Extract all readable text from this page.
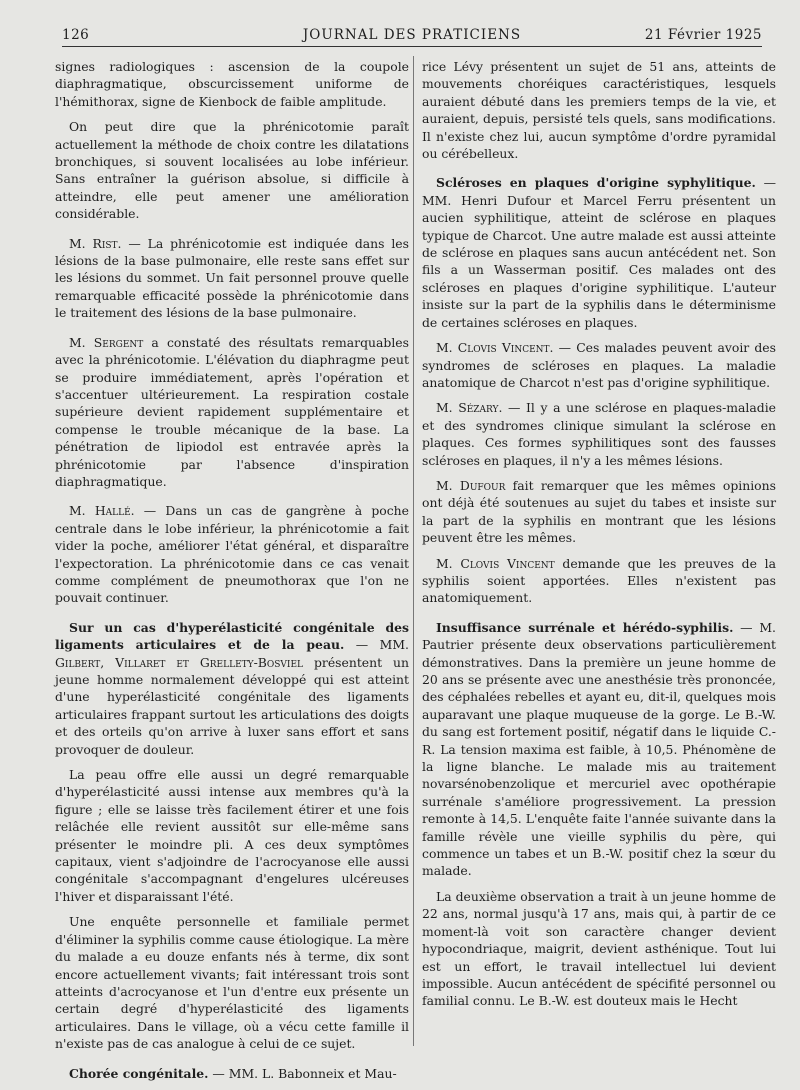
126	JOURNAL DES PRATICIENS	21 Février 1925

signes radiologiques : ascension de la coupole diaphragmatique, obscurcissement uniforme de l'hémithorax, signe de Kienbock de faible amplitude.

On peut dire que la phrénicotomie paraît actuellement la méthode de choix contre les dilatations bronchiques, si souvent localisées au lobe inférieur. Sans entraîner la guérison absolue, si difficile à atteindre, elle peut amener une amélioration considérable.

M. Rist. — La phrénicotomie est indiquée dans les lésions de la base pulmonaire, elle reste sans effet sur les lésions du sommet. Un fait personnel prouve quelle remarquable efficacité possède la phrénicotomie dans le traitement des lésions de la base pulmonaire.

M. Sergent a constaté des résultats remarquables avec la phrénicotomie. L'élévation du diaphragme peut se produire immédiatement, après l'opération et s'accentuer ultérieurement. La respiration costale supérieure devient rapidement supplémentaire et compense le trouble mécanique de la base. La pénétration de lipiodol est entravée après la phrénicotomie par l'absence d'inspiration diaphragmatique.

M. Hallé. — Dans un cas de gangrène à poche centrale dans le lobe inférieur, la phrénicotomie a fait vider la poche, améliorer l'état général, et disparaître l'expectoration. La phrénicotomie dans ce cas venait comme complément de pneumothorax que l'on ne pouvait continuer.

Sur un cas d'hyperélasticité congénitale des ligaments articulaires et de la peau. — MM. Gilbert, Villaret et Grellety-Bosviel présentent un jeune homme normalement développé qui est atteint d'une hyperélasticité congénitale des ligaments articulaires frappant surtout les articulations des doigts et des orteils qu'on arrive à luxer sans effort et sans provoquer de douleur.

La peau offre elle aussi un degré remarquable d'hyperélasticité aussi intense aux membres qu'à la figure ; elle se laisse très facilement étirer et une fois relâchée elle revient aussitôt sur elle-même sans présenter le moindre pli. A ces deux symptômes capitaux, vient s'adjoindre de l'acrocyanose elle aussi congénitale s'accompagnant d'engelures ulcéreuses l'hiver et disparaissant l'été.

Une enquête personnelle et familiale permet d'éliminer la syphilis comme cause étiologique. La mère du malade a eu douze enfants nés à terme, dix sont encore actuellement vivants; fait intéressant trois sont atteints d'acrocyanose et l'un d'entre eux présente un certain degré d'hyperélasticité des ligaments articulaires. Dans le village, où a vécu cette famille il n'existe pas de cas analogue à celui de ce sujet.

Chorée congénitale. — MM. L. Babonneix et Mau-

rice Lévy présentent un sujet de 51 ans, atteints de mouvements choréiques caractéristiques, lesquels auraient débuté dans les premiers temps de la vie, et auraient, depuis, persisté tels quels, sans modifications. Il n'existe chez lui, aucun symptôme d'ordre pyramidal ou cérébelleux.

Scléroses en plaques d'origine syphylitique. — MM. Henri Dufour et Marcel Ferru présentent un aucien syphilitique, atteint de sclérose en plaques typique de Charcot. Une autre malade est aussi atteinte de sclérose en plaques sans aucun antécédent net. Son fils a un Wasserman positif. Ces malades ont des scléroses en plaques d'origine syphilitique. L'auteur insiste sur la part de la syphilis dans le déterminisme de certaines scléroses en plaques.

M. Clovis Vincent. — Ces malades peuvent avoir des syndromes de scléroses en plaques. La maladie anatomique de Charcot n'est pas d'origine syphilitique.

M. Sézary. — Il y a une sclérose en plaques-maladie et des syndromes clinique simulant la sclérose en plaques. Ces formes syphilitiques sont des fausses scléroses en plaques, il n'y a les mêmes lésions.

M. Dufour fait remarquer que les mêmes opinions ont déjà été soutenues au sujet du tabes et insiste sur la part de la syphilis en montrant que les lésions peuvent être les mêmes.

M. Clovis Vincent demande que les preuves de la syphilis soient apportées. Elles n'existent pas anatomiquement.

Insuffisance surrénale et hérédo-syphilis. — M. Pautrier présente deux observations particulièrement démonstratives. Dans la première un jeune homme de 20 ans se présente avec une anesthésie très prononcée, des céphalées rebelles et ayant eu, dit-il, quelques mois auparavant une plaque muqueuse de la gorge. Le B.-W. du sang est fortement positif, négatif dans le liquide C.-R. La tension maxima est faible, à 10,5. Phénomène de la ligne blanche. Le malade mis au traitement novarsénobenzolique et mercuriel avec opothérapie surrénale s'améliore progressivement. La pression remonte à 14,5. L'enquête faite l'année suivante dans la famille révèle une vieille syphilis du père, qui commence un tabes et un B.-W. positif chez la sœur du malade.

La deuxième observation a trait à un jeune homme de 22 ans, normal jusqu'à 17 ans, mais qui, à partir de ce moment-là voit son caractère changer devient hypocondriaque, maigrit, devient asthénique. Tout lui est un effort, le travail intellectuel lui devient impossible. Aucun antécédent de spécifité personnel ou familial connu. Le B.-W. est douteux mais le Hecht
